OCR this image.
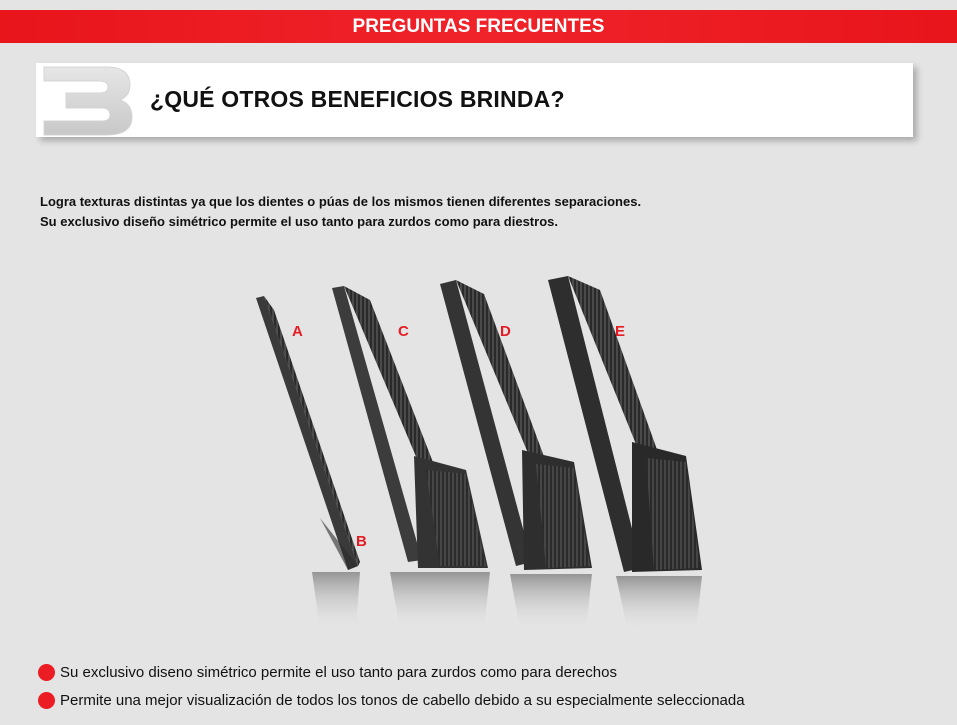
PREGUNTAS FRECUENTES
¿QUÉ OTROS BENEFICIOS BRINDA?

Logra texturas distintas ya que los dientes o púas de los mismos tienen diferentes separaciones.

Su exclusivo diseño simétrico permite el uso tanto para zurdos como para diestros.

A
B
C	D	E
Su exclusivo diseno simétrico permite el uso tanto para zurdos como para derechos
Permite una mejor visualización de todos los tonos de cabello debido a su especialmente seleccionada
